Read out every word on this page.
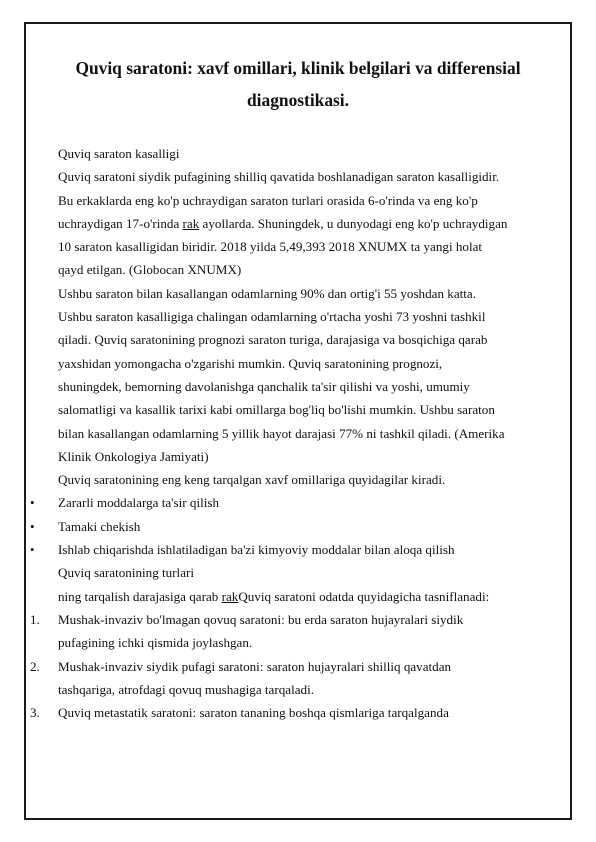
Quviq saratoni: xavf omillari, klinik belgilari va differensial
diagnostikasi.
Quviq saraton kasalligi
Quviq saratoni siydik pufagining shilliq qavatida boshlanadigan saraton kasalligidir.
Bu erkaklarda eng ko'p uchraydigan saraton turlari orasida 6-o'rinda va eng ko'p
uchraydigan 17-o'rinda rak ayollarda. Shuningdek, u dunyodagi eng ko'p uchraydigan
10 saraton kasalligidan biridir. 2018 yilda 5,49,393 2018 XNUMX ta yangi holat
qayd etilgan. (Globocan XNUMX)
Ushbu saraton bilan kasallangan odamlarning 90% dan ortig'i 55 yoshdan katta.
Ushbu saraton kasalligiga chalingan odamlarning o'rtacha yoshi 73 yoshni tashkil
qiladi. Quviq saratonining prognozi saraton turiga, darajasiga va bosqichiga qarab
yaxshidan yomongacha o'zgarishi mumkin. Quviq saratonining prognozi,
shuningdek, bemorning davolanishga qanchalik ta'sir qilishi va yoshi, umumiy
salomatligi va kasallik tarixi kabi omillarga bog'liq bo'lishi mumkin. Ushbu saraton
bilan kasallangan odamlarning 5 yillik hayot darajasi 77% ni tashkil qiladi. (Amerika
Klinik Onkologiya Jamiyati)
Quviq saratonining eng keng tarqalgan xavf omillariga quyidagilar kiradi.
•	Zararli moddalarga ta'sir qilish
•	Tamaki chekish
•	Ishlab chiqarishda ishlatiladigan ba'zi kimyoviy moddalar bilan aloqa qilish
Quviq saratonining turlari
ning tarqalish darajasiga qarab rakQuviq saratoni odatda quyidagicha tasniflanadi:
1.	Mushak-invaziv bo'lmagan qovuq saratoni: bu erda saraton hujayralari siydik
pufagining ichki qismida joylashgan.
2.	Mushak-invaziv siydik pufagi saratoni: saraton hujayralari shilliq qavatdan
tashqariga, atrofdagi qovuq mushagiga tarqaladi.
3.	Quviq metastatik saratoni: saraton tananing boshqa qismlariga tarqalganda
